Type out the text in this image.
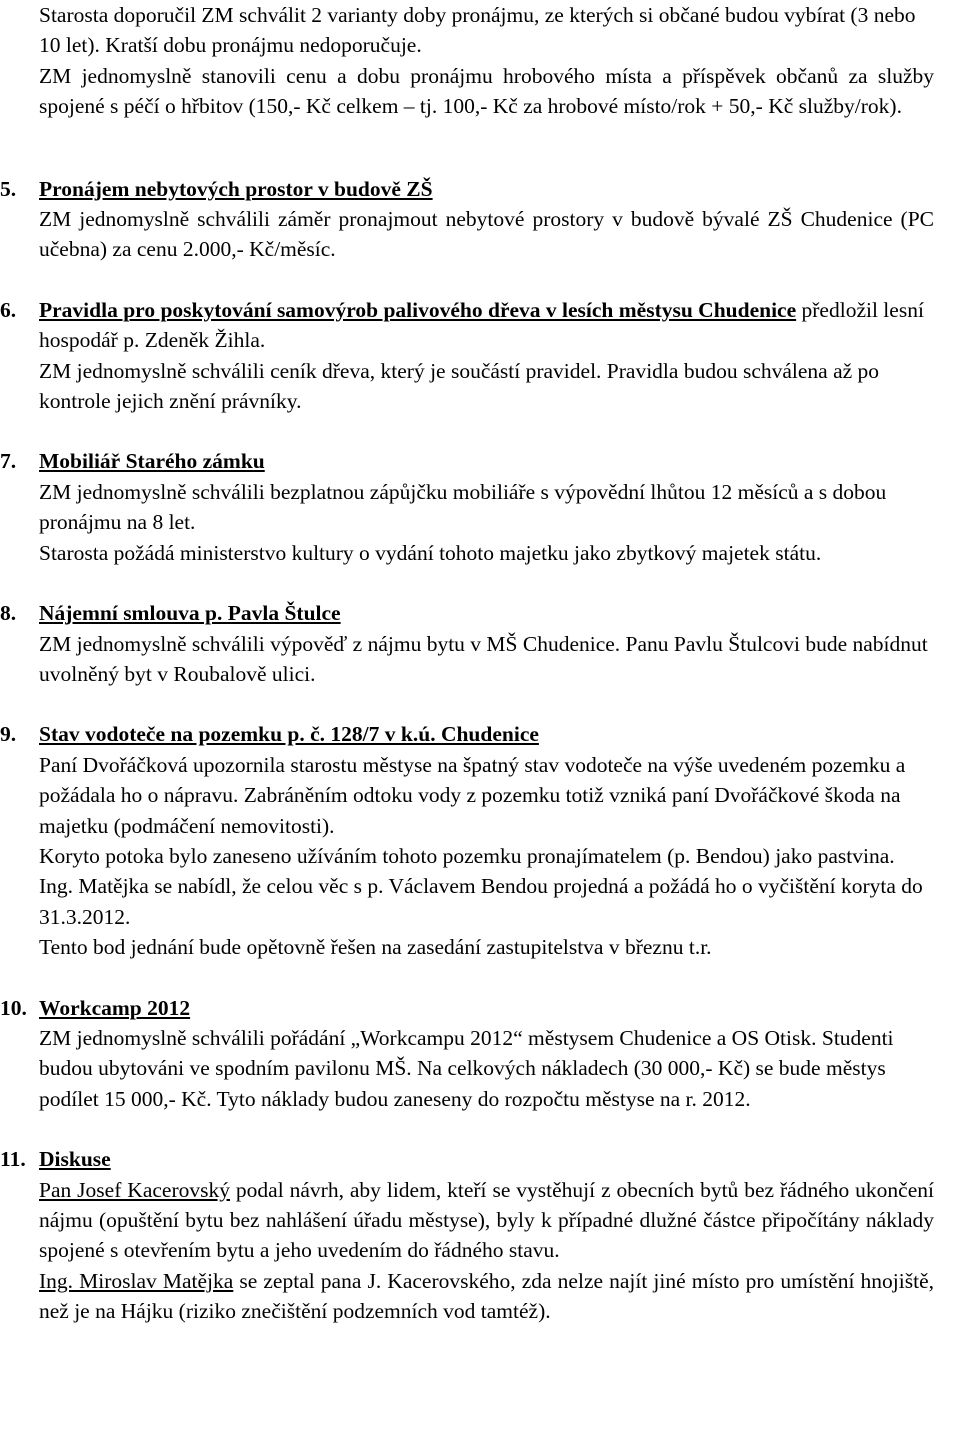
Starosta doporučil ZM schválit 2 varianty doby pronájmu, ze kterých si občané budou vybírat (3 nebo 10 let). Kratší dobu pronájmu nedoporučuje.

ZM jednomyslně stanovili cenu a dobu pronájmu hrobového místa a příspěvek občanů za služby spojené s péčí o hřbitov (150,- Kč celkem – tj. 100,- Kč za hrobové místo/rok + 50,- Kč služby/rok).

5.	Pronájem nebytových prostor v budově ZŠ
ZM jednomyslně schválili záměr pronajmout nebytové prostory v budově bývalé ZŠ Chudenice (PC učebna) za cenu 2.000,- Kč/měsíc.
6.	Pravidla pro poskytování samovýrob palivového dřeva v lesích městysu Chudenice předložil lesní hospodář p. Zdeněk Žihla.
ZM jednomyslně schválili ceník dřeva, který je součástí pravidel. Pravidla budou schválena až po kontrole jejich znění právníky.
7.	Mobiliář Starého zámku
ZM jednomyslně schválili bezplatnou zápůjčku mobiliáře s výpovědní lhůtou 12 měsíců a s dobou pronájmu na 8 let.
Starosta požádá ministerstvo kultury o vydání tohoto majetku jako zbytkový majetek státu.
8.	Nájemní smlouva p. Pavla Štulce
ZM jednomyslně schválili výpověď z nájmu bytu v MŠ Chudenice. Panu Pavlu Štulcovi bude nabídnut uvolněný byt v Roubalově ulici.
9.	Stav vodoteče na pozemku p. č. 128/7 v k.ú. Chudenice
Paní Dvořáčková upozornila starostu městyse na špatný stav vodoteče na výše uvedeném pozemku a požádala ho o nápravu. Zabráněním odtoku vody z pozemku totiž vzniká paní Dvořáčkové škoda na majetku (podmáčení nemovitosti).
Koryto potoka bylo zaneseno užíváním tohoto pozemku pronajímatelem (p. Bendou) jako pastvina. Ing. Matějka se nabídl, že celou věc s p. Václavem Bendou projedná a požádá ho o vyčištění koryta do 31.3.2012.
Tento bod jednání bude opětovně řešen na zasedání zastupitelstva v březnu t.r.
10. Workcamp 2012
ZM jednomyslně schválili pořádání „Workcampu 2012“ městysem Chudenice a OS Otisk. Studenti budou ubytováni ve spodním pavilonu MŠ. Na celkových nákladech (30 000,- Kč) se bude městys podílet 15 000,- Kč. Tyto náklady budou zaneseny do rozpočtu městyse na r. 2012.
11. Diskuse
Pan Josef Kacerovský podal návrh, aby lidem, kteří se vystěhují z obecních bytů bez řádného ukončení nájmu (opuštění bytu bez nahlášení úřadu městyse), byly k případné dlužné částce připočítány náklady spojené s otevřením bytu a jeho uvedením do řádného stavu.
Ing. Miroslav Matějka se zeptal pana J. Kacerovského, zda nelze najít jiné místo pro umístění hnojiště, než je na Hájku (riziko znečištění podzemních vod tamtéž).
